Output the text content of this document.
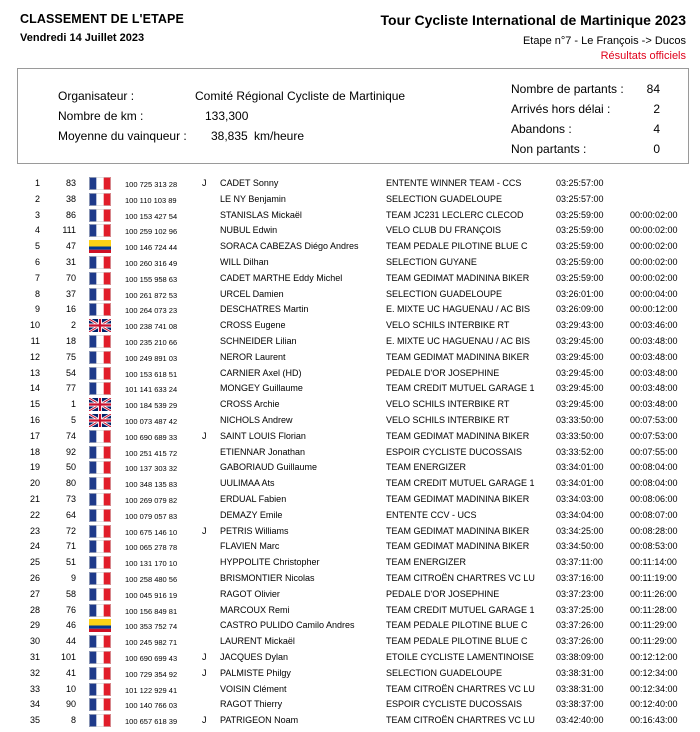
CLASSEMENT DE L'ETAPE
Vendredi 14 Juillet 2023
Tour Cycliste International de Martinique 2023
Etape n°7 - Le François -> Ducos
Résultats officiels
Organisateur :	Comité Régional Cycliste de Martinique
Nombre de km :	133,300
Moyenne du vainqueur : 38,835 km/heure
Nombre de partants :	84
Arrivés hors délai :	2
Abandons :	4
Non partants :	0
1	83	100 725 313 28	J CADET Sonny	ENTENTE WINNER TEAM - CCS	03:25:57:00
2	38	100 110 103 89	LE NY Benjamin	SELECTION GUADELOUPE	03:25:57:00
3	86	100 153 427 54	STANISLAS Mickaël	TEAM JC231 LECLERC CLECOD	03:25:59:00	00:00:02:00
4	111	100 259 102 96	NUBUL Edwin	VELO CLUB DU FRANÇOIS	03:25:59:00	00:00:02:00
5	47	100 146 724 44	SORACA CABEZAS Diégo Andres	TEAM PEDALE PILOTINE BLUE C	03:25:59:00	00:00:02:00
6	31	100 260 316 49	WILL Dilhan	SELECTION GUYANE	03:25:59:00	00:00:02:00
7	70	100 155 958 63	CADET MARTHE Eddy Michel	TEAM GEDIMAT MADININA BIKER	03:25:59:00	00:00:02:00
8	37	100 261 872 53	URCEL Damien	SELECTION GUADELOUPE	03:26:01:00	00:00:04:00
9	16	100 264 073 23	DESCHATRES Martin	E. MIXTE UC HAGUENAU / AC BIS	03:26:09:00	00:00:12:00
10	2	100 238 741 08	CROSS Eugene	VELO SCHILS INTERBIKE RT	03:29:43:00	00:03:46:00
11	18	100 235 210 66	SCHNEIDER Lilian	E. MIXTE UC HAGUENAU / AC BIS	03:29:45:00	00:03:48:00
12	75	100 249 891 03	NEROR Laurent	TEAM GEDIMAT MADININA BIKER	03:29:45:00	00:03:48:00
13	54	100 153 618 51	CARNIER Axel (HD)	PEDALE D'OR JOSEPHINE	03:29:45:00	00:03:48:00
14	77	101 141 633 24	MONGEY Guillaume	TEAM CREDIT MUTUEL GARAGE 1 03:29:45:00	00:03:48:00
15	1	100 184 539 29	CROSS Archie	VELO SCHILS INTERBIKE RT	03:29:45:00	00:03:48:00
16	5	100 073 487 42	NICHOLS Andrew	VELO SCHILS INTERBIKE RT	03:33:50:00	00:07:53:00
17	74	100 690 689 33	J SAINT LOUIS Florian	TEAM GEDIMAT MADININA BIKER	03:33:50:00	00:07:53:00
18	92	100 251 415 72	ETIENNAR Jonathan	ESPOIR CYCLISTE DUCOSSAIS	03:33:52:00	00:07:55:00
19	50	100 137 303 32	GABORIAUD Guillaume	TEAM ENERGIZER	03:34:01:00	00:08:04:00
20	80	100 348 135 83	UULIMAA Ats	TEAM CREDIT MUTUEL GARAGE 1 03:34:01:00	00:08:04:00
21	73	100 269 079 82	ERDUAL Fabien	TEAM GEDIMAT MADININA BIKER	03:34:03:00	00:08:06:00
22	64	100 079 057 83	DEMAZY Emile	ENTENTE CCV - UCS	03:34:04:00	00:08:07:00
23	72	100 675 146 10	J PETRIS Williams	TEAM GEDIMAT MADININA BIKER	03:34:25:00	00:08:28:00
24	71	100 065 278 78	FLAVIEN Marc	TEAM GEDIMAT MADININA BIKER	03:34:50:00	00:08:53:00
25	51	100 131 170 10	HYPPOLITE Christopher	TEAM ENERGIZER	03:37:11:00	00:11:14:00
26	9	100 258 480 56	BRISMONTIER Nicolas	TEAM CITROËN CHARTRES VC LU 03:37:16:00	00:11:19:00
27	58	100 045 916 19	RAGOT Olivier	PEDALE D'OR JOSEPHINE	03:37:23:00	00:11:26:00
28	76	100 156 849 81	MARCOUX Remi	TEAM CREDIT MUTUEL GARAGE 1 03:37:25:00	00:11:28:00
29	46	100 353 752 74	CASTRO PULIDO Camilo Andres	TEAM PEDALE PILOTINE BLUE C	03:37:26:00	00:11:29:00
30	44	100 245 982 71	LAURENT Mickaël	TEAM PEDALE PILOTINE BLUE C	03:37:26:00	00:11:29:00
31	101	100 690 699 43	J JACQUES Dylan	ETOILE CYCLISTE LAMENTINOISE 03:38:09:00	00:12:12:00
32	41	100 729 354 92	J PALMISTE Philgy	SELECTION GUADELOUPE	03:38:31:00	00:12:34:00
33	10	101 122 929 41	VOISIN Clément	TEAM CITROËN CHARTRES VC LU 03:38:31:00	00:12:34:00
34	90	100 140 766 03	RAGOT Thierry	ESPOIR CYCLISTE DUCOSSAIS	03:38:37:00	00:12:40:00
35	8	100 657 618 39	J PATRIGEON Noam	TEAM CITROËN CHARTRES VC LU 03:42:40:00	00:16:43:00
